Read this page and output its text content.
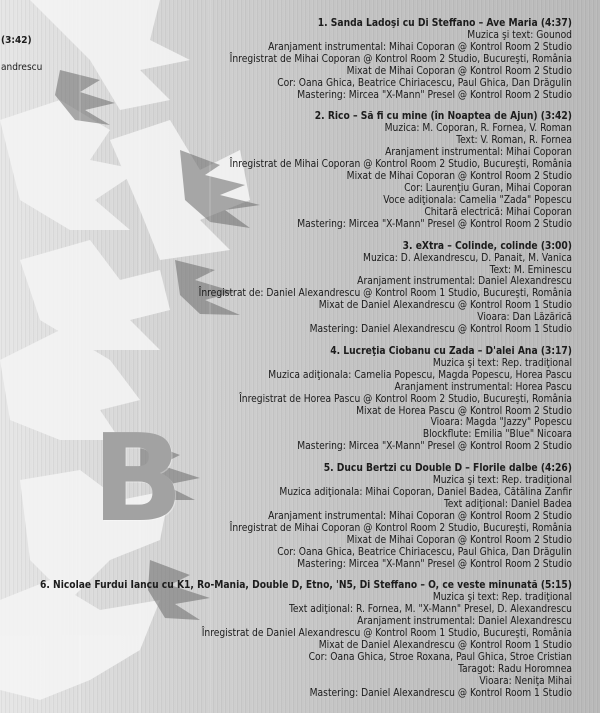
B
(3:42)
andrescu
1. Sanda Ladoşi cu Di Steffano – Ave Maria (4:37)
Muzica şi text: Gounod
Aranjament instrumental: Mihai Coporan @ Kontrol Room 2 Studio
Înregistrat de Mihai Coporan @ Kontrol Room 2 Studio, Bucureşti, România
Mixat de Mihai Coporan @ Kontrol Room 2 Studio
Cor: Oana Ghica, Beatrice Chiriacescu, Paul Ghica, Dan Drăgulin
Mastering: Mircea "X-Mann" Presel @ Kontrol Room 2 Studio
2. Rico – Să fi cu mine (în Noaptea de Ajun) (3:42)
Muzica: M. Coporan, R. Fornea, V. Roman
Text: V. Roman, R. Fornea
Aranjament instrumental: Mihai Coporan
Înregistrat de Mihai Coporan @ Kontrol Room 2 Studio, Bucureşti, România
Mixat de Mihai Coporan @ Kontrol Room 2 Studio
Cor: Laurenţiu Guran, Mihai Coporan
Voce adiţionala: Camelia "Zada" Popescu
Chitară electrică: Mihai Coporan
Mastering: Mircea "X-Mann" Presel @ Kontrol Room 2 Studio
3. eXtra – Colinde, colinde (3:00)
Muzica: D. Alexandrescu, D. Panait, M. Vanica
Text: M. Eminescu
Aranjament instrumental: Daniel Alexandrescu
Înregistrat de: Daniel Alexandrescu @ Kontrol Room 1 Studio, Bucureşti, România
Mixat de Daniel Alexandrescu @ Kontrol Room 1 Studio
Vioara: Dan Lăzărică
Mastering: Daniel Alexandrescu @ Kontrol Room 1 Studio
4. Lucreţia Ciobanu cu Zada – D'alei Ana (3:17)
Muzica şi text: Rep. tradiţional
Muzica adiţionala: Camelia Popescu, Magda Popescu, Horea Pascu
Aranjament instrumental: Horea Pascu
Înregistrat de Horea Pascu @ Kontrol Room 2 Studio, Bucureşti, România
Mixat de Horea Pascu @ Kontrol Room 2 Studio
Vioara: Magda "Jazzy" Popescu
Blockflute: Emilia "Blue" Nicoara
Mastering: Mircea "X-Mann" Presel @ Kontrol Room 2 Studio
5. Ducu Bertzi cu Double D – Florile dalbe (4:26)
Muzica şi text: Rep. tradiţional
Muzica adiţionala: Mihai Coporan, Daniel Badea, Cătălina Zanfir
Text adiţional: Daniel Badea
Aranjament instrumental: Mihai Coporan @ Kontrol Room 2 Studio
Înregistrat de Mihai Coporan @ Kontrol Room 2 Studio, Bucureşti, România
Mixat de Mihai Coporan @ Kontrol Room 2 Studio
Cor: Oana Ghica, Beatrice Chiriacescu, Paul Ghica, Dan Drăgulin
Mastering: Mircea "X-Mann" Presel @ Kontrol Room 2 Studio
6. Nicolae Furdui Iancu cu K1, Ro-Mania, Double D, Etno, 'N5, Di Steffano – O, ce veste minunată (5:15)
Muzica şi text: Rep. tradiţional
Text adiţional: R. Fornea, M. "X-Mann" Presel, D. Alexandrescu
Aranjament instrumental: Daniel Alexandrescu
Înregistrat de Daniel Alexandrescu @ Kontrol Room 1 Studio, Bucureşti, România
Mixat de Daniel Alexandrescu @ Kontrol Room 1 Studio
Cor: Oana Ghica, Stroe Roxana, Paul Ghica, Stroe Cristian
Taragot: Radu Horomnea
Vioara: Neniţa Mihai
Mastering: Daniel Alexandrescu @ Kontrol Room 1 Studio
